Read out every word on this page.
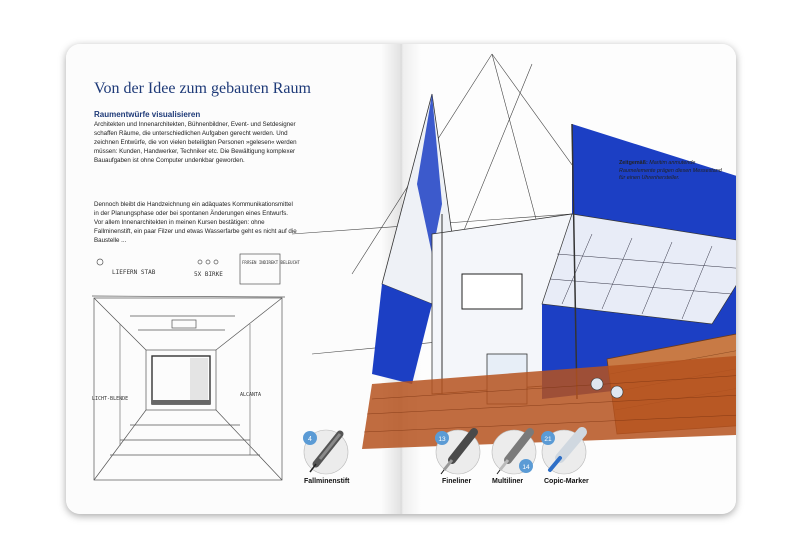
Von der Idee zum gebauten Raum
Raumentwürfe visualisieren

Architekten und Innenarchitekten, Bühnenbildner, Event- und Setdesigner schaffen Räume, die unterschiedlichen Aufgaben gerecht werden. Und zeichnen Entwürfe, die von vielen beteiligten Personen »gelesen« werden müssen: Kunden, Handwerker, Techniker etc. Die Bewältigung komplexer Bauaufgaben ist ohne Computer undenkbar geworden.

Dennoch bleibt die Handzeichnung ein adäquates Kommunikationsmittel in der Planungsphase oder bei spontanen Änderungen eines Entwurfs. Vor allem Innenarchitekten in meinen Kursen bestätigen: ohne Fallminenstift, ein paar Filzer und etwas Wasserfarbe geht es nicht auf die Baustelle ...

LIEFERN STAB	5X BIRKE
FRÄSEN INDIREKT BELEUCHT
LICHT-BLENDE
ALCANTA
Zeitgemäß: Maritim anmutende Raumelemente prägen diesen Messestand für einen Uhrenhersteller.
4
Fallminenstift
13
Fineliner
14
Multiliner
21
Copic-Marker
